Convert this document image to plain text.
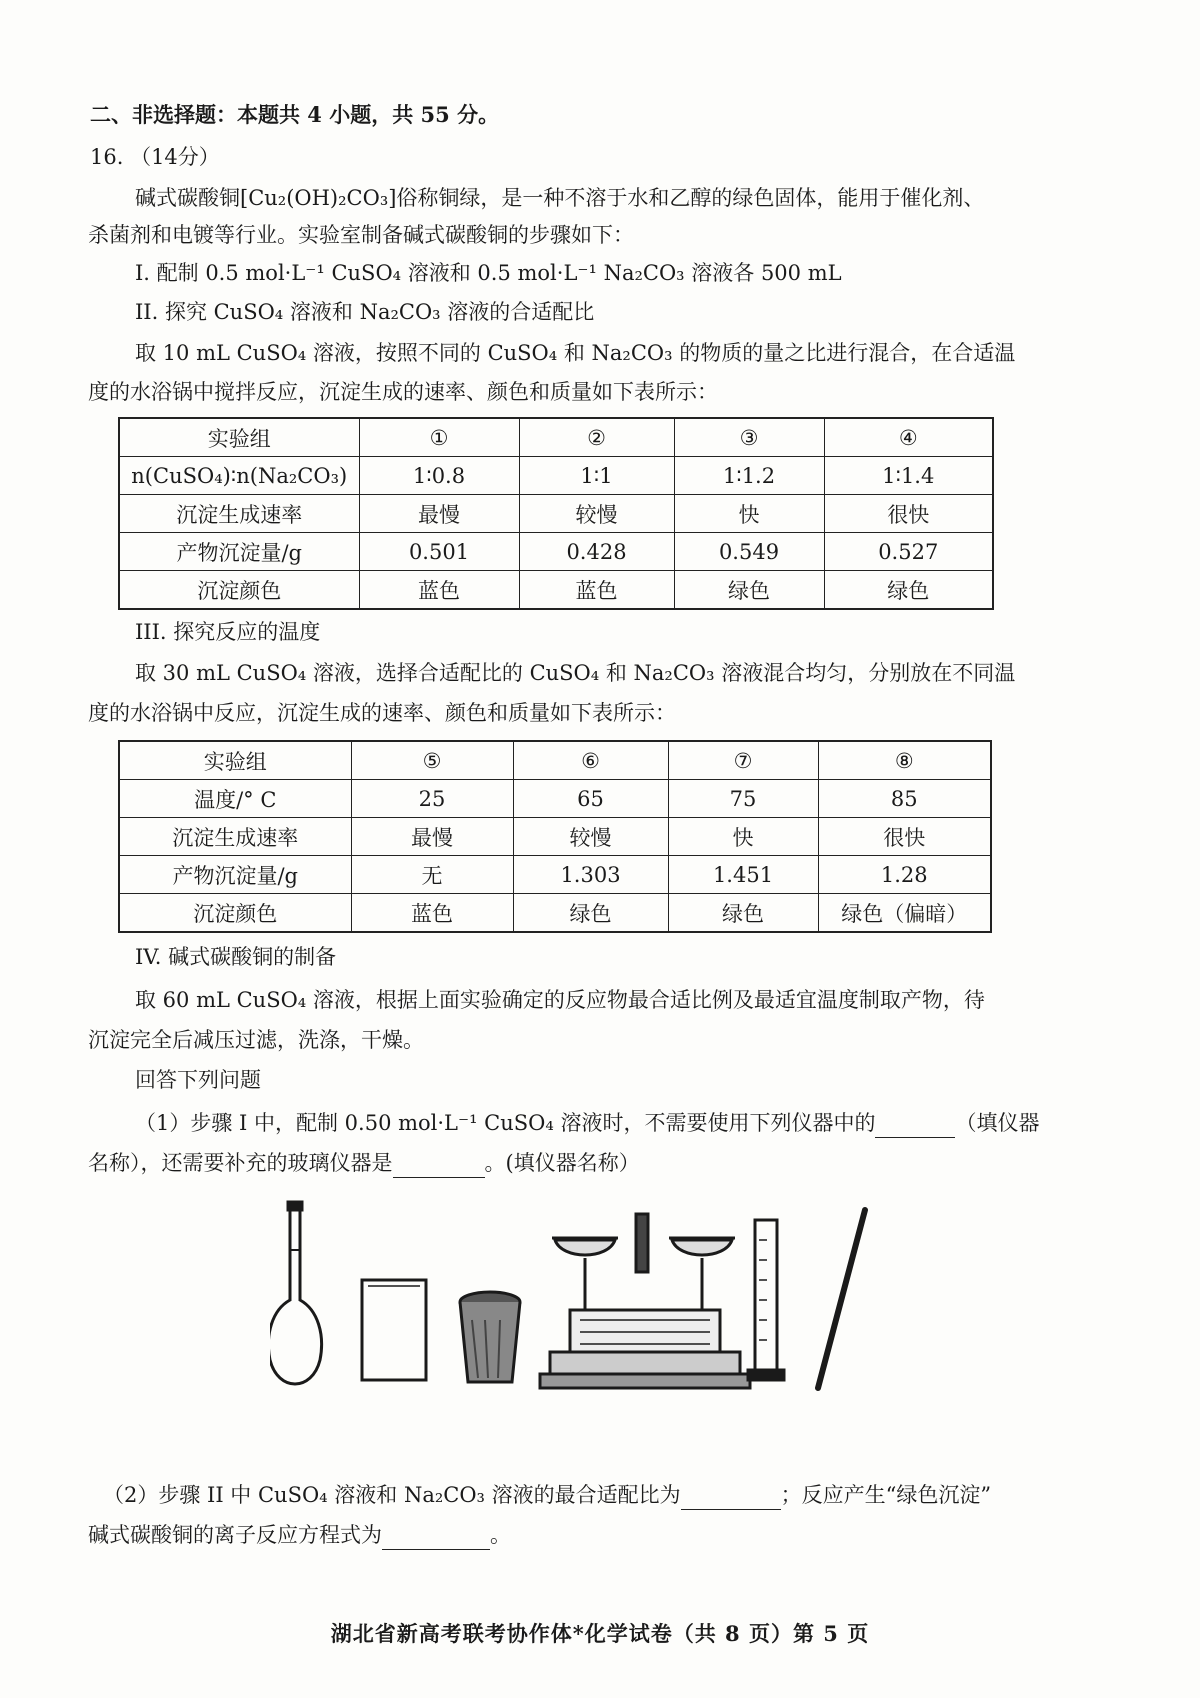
二、非选择题：本题共 4 小题，共 55 分。
16. （14分）
碱式碳酸铜[Cu₂(OH)₂CO₃]俗称铜绿，是一种不溶于水和乙醇的绿色固体，能用于催化剂、
杀菌剂和电镀等行业。实验室制备碱式碳酸铜的步骤如下：
I. 配制 0.5 mol·L⁻¹ CuSO₄ 溶液和 0.5 mol·L⁻¹ Na₂CO₃ 溶液各 500 mL
II. 探究 CuSO₄ 溶液和 Na₂CO₃ 溶液的合适配比
取 10 mL CuSO₄ 溶液，按照不同的 CuSO₄ 和 Na₂CO₃ 的物质的量之比进行混合，在合适温
度的水浴锅中搅拌反应，沉淀生成的速率、颜色和质量如下表所示：
实验组	①	②	③	④
n(CuSO₄)∶n(Na₂CO₃)	1∶0.8	1∶1	1∶1.2	1∶1.4
沉淀生成速率	最慢	较慢	快	很快
产物沉淀量/g	0.501	0.428	0.549	0.527
沉淀颜色	蓝色	蓝色	绿色	绿色
III. 探究反应的温度
取 30 mL CuSO₄ 溶液，选择合适配比的 CuSO₄ 和 Na₂CO₃ 溶液混合均匀，分别放在不同温
度的水浴锅中反应，沉淀生成的速率、颜色和质量如下表所示：
实验组	⑤	⑥	⑦	⑧
温度/° C	25	65	75	85
沉淀生成速率	最慢	较慢	快	很快
产物沉淀量/g	无	1.303	1.451	1.28
沉淀颜色	蓝色	绿色	绿色	绿色（偏暗）
IV. 碱式碳酸铜的制备
取 60 mL CuSO₄ 溶液，根据上面实验确定的反应物最合适比例及最适宜温度制取产物，待
沉淀完全后减压过滤，洗涤，干燥。
回答下列问题
（1）步骤 I 中，配制 0.50 mol·L⁻¹ CuSO₄ 溶液时，不需要使用下列仪器中的	（填仪器
名称），还需要补充的玻璃仪器是	。(填仪器名称）
（2）步骤 II 中 CuSO₄ 溶液和 Na₂CO₃ 溶液的最合适配比为	；反应产生“绿色沉淀”
碱式碳酸铜的离子反应方程式为	。
湖北省新高考联考协作体*化学试卷（共 8 页）第 5 页
